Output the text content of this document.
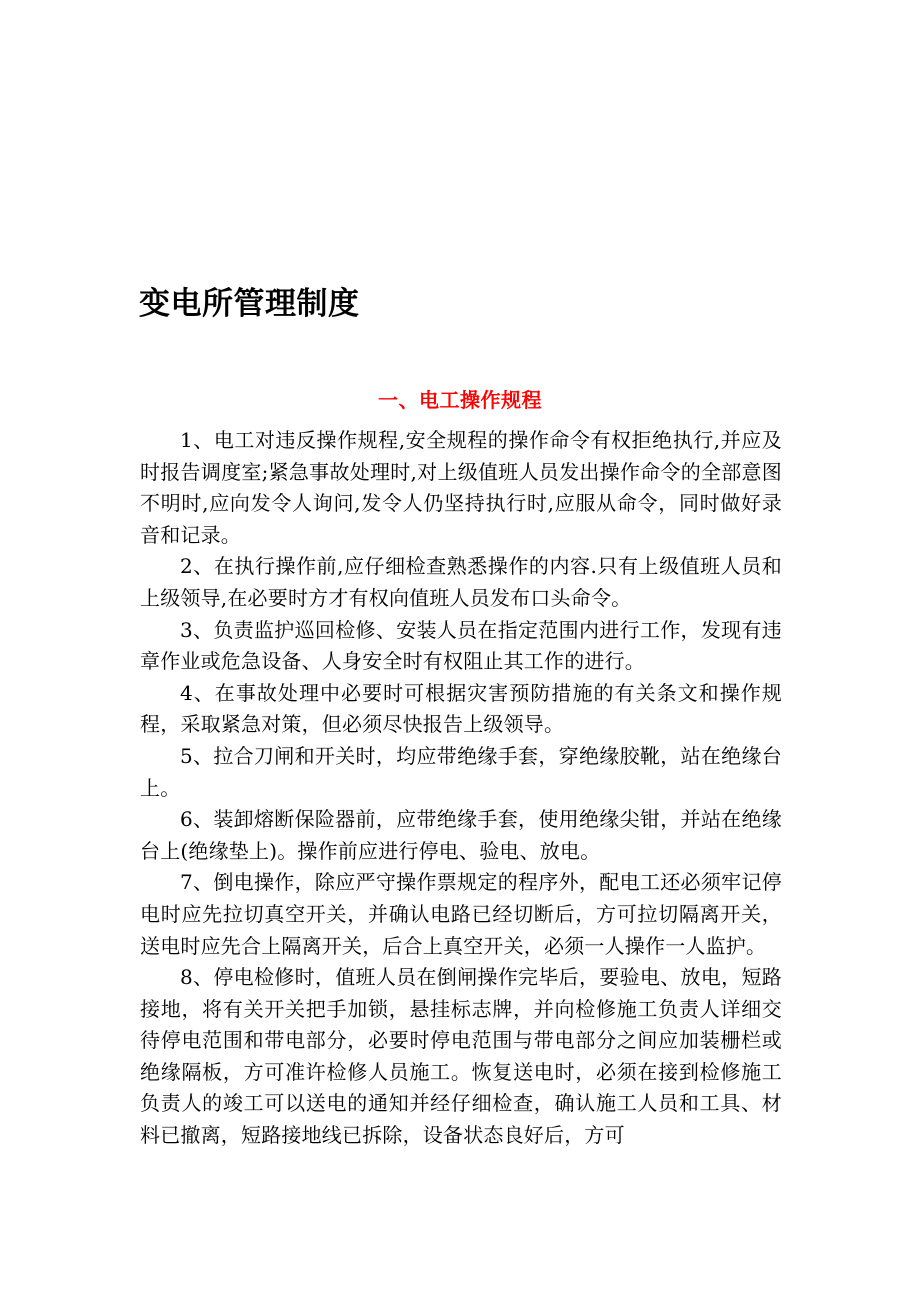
变电所管理制度
一、电工操作规程

1、电工对违反操作规程,安全规程的操作命令有权拒绝执行,并应及时报告调度室;紧急事故处理时,对上级值班人员发出操作命令的全部意图不明时,应向发令人询问,发令人仍坚持执行时,应服从命令，同时做好录音和记录。

2、在执行操作前,应仔细检查熟悉操作的内容.只有上级值班人员和上级领导,在必要时方才有权向值班人员发布口头命令。

3、负责监护巡回检修、安装人员在指定范围内进行工作，发现有违章作业或危急设备、人身安全时有权阻止其工作的进行。

4、在事故处理中必要时可根据灾害预防措施的有关条文和操作规程，采取紧急对策，但必须尽快报告上级领导。

5、拉合刀闸和开关时，均应带绝缘手套，穿绝缘胶靴，站在绝缘台上。

6、装卸熔断保险器前，应带绝缘手套，使用绝缘尖钳，并站在绝缘台上(绝缘垫上)。操作前应进行停电、验电、放电。

7、倒电操作，除应严守操作票规定的程序外，配电工还必须牢记停电时应先拉切真空开关，并确认电路已经切断后，方可拉切隔离开关，送电时应先合上隔离开关，后合上真空开关，必须一人操作一人监护。

8、停电检修时，值班人员在倒闸操作完毕后，要验电、放电，短路接地，将有关开关把手加锁，悬挂标志牌，并向检修施工负责人详细交待停电范围和带电部分，必要时停电范围与带电部分之间应加装栅栏或绝缘隔板，方可准许检修人员施工。恢复送电时，必须在接到检修施工负责人的竣工可以送电的通知并经仔细检查，确认施工人员和工具、材料已撤离，短路接地线已拆除，设备状态良好后，方可
